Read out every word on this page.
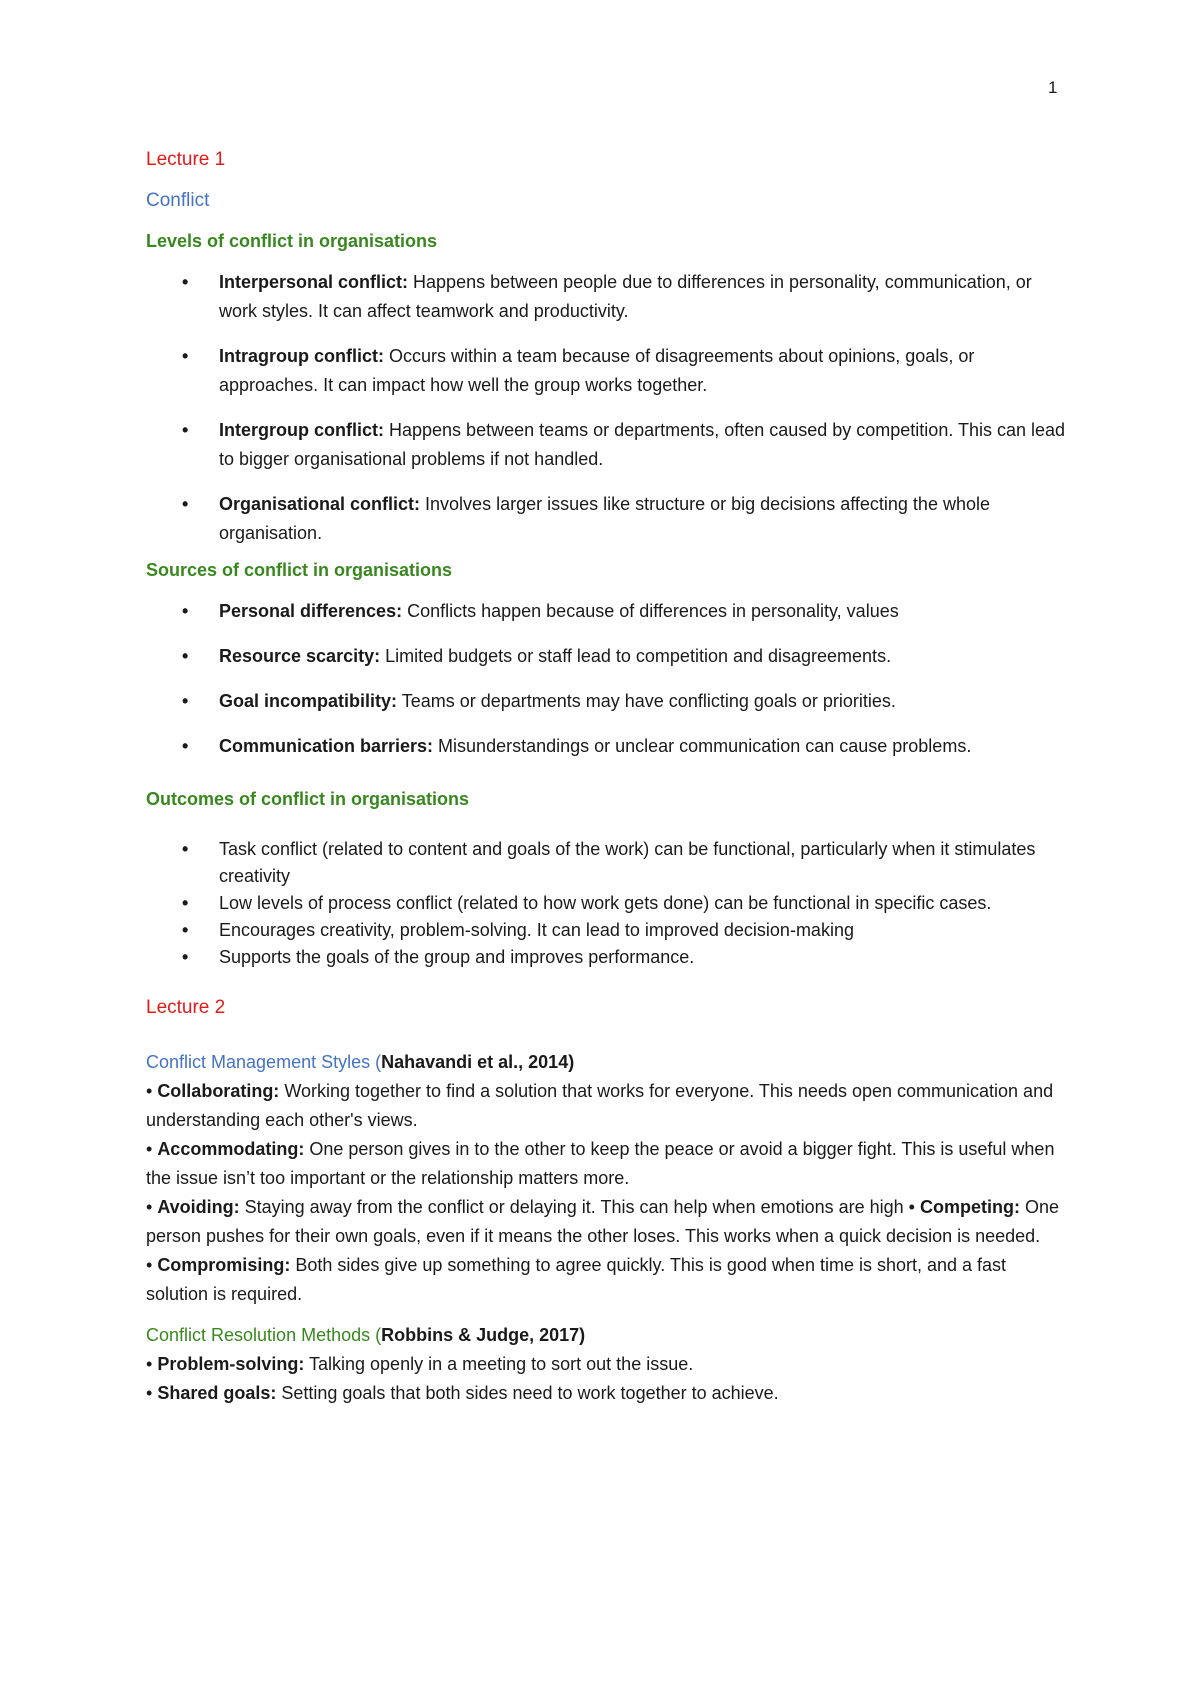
1
Lecture 1
Conflict
Levels of conflict in organisations
• Interpersonal conflict: Happens between people due to differences in personality, communication, or work styles. It can affect teamwork and productivity.
• Intragroup conflict: Occurs within a team because of disagreements about opinions, goals, or approaches. It can impact how well the group works together.
• Intergroup conflict: Happens between teams or departments, often caused by competition. This can lead to bigger organisational problems if not handled.
• Organisational conflict: Involves larger issues like structure or big decisions affecting the whole organisation.
Sources of conflict in organisations
• Personal differences: Conflicts happen because of differences in personality, values
• Resource scarcity: Limited budgets or staff lead to competition and disagreements.
• Goal incompatibility: Teams or departments may have conflicting goals or priorities.
• Communication barriers: Misunderstandings or unclear communication can cause problems.
Outcomes of conflict in organisations
• Task conflict (related to content and goals of the work) can be functional, particularly when it stimulates creativity
• Low levels of process conflict (related to how work gets done) can be functional in specific cases.
• Encourages creativity, problem-solving. It can lead to improved decision-making
• Supports the goals of the group and improves performance.
Lecture 2
Conflict Management Styles (Nahavandi et al., 2014)

• Collaborating: Working together to find a solution that works for everyone. This needs open communication and understanding each other's views.
• Accommodating: One person gives in to the other to keep the peace or avoid a bigger fight. This is useful when the issue isn’t too important or the relationship matters more.
• Avoiding: Staying away from the conflict or delaying it. This can help when emotions are high • Competing: One person pushes for their own goals, even if it means the other loses. This works when a quick decision is needed.
• Compromising: Both sides give up something to agree quickly. This is good when time is short, and a fast solution is required.

Conflict Resolution Methods (Robbins & Judge, 2017)

• Problem-solving: Talking openly in a meeting to sort out the issue.
• Shared goals: Setting goals that both sides need to work together to achieve.
